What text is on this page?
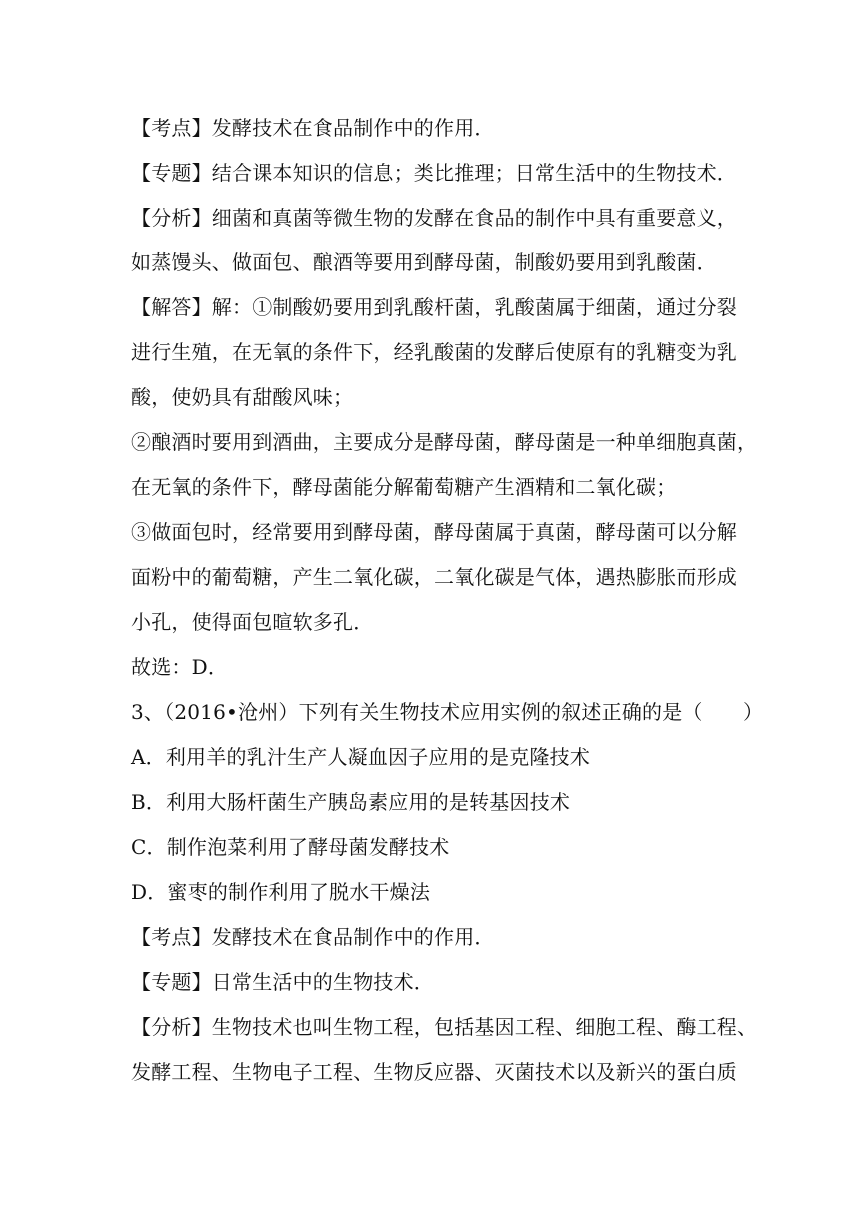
【考点】发酵技术在食品制作中的作用．
【专题】结合课本知识的信息；类比推理；日常生活中的生物技术．
【分析】细菌和真菌等微生物的发酵在食品的制作中具有重要意义，
如蒸馒头、做面包、酿酒等要用到酵母菌，制酸奶要用到乳酸菌．
【解答】解：①制酸奶要用到乳酸杆菌，乳酸菌属于细菌，通过分裂
进行生殖，在无氧的条件下，经乳酸菌的发酵后使原有的乳糖变为乳
酸，使奶具有甜酸风味；
②酿酒时要用到酒曲，主要成分是酵母菌，酵母菌是一种单细胞真菌，
在无氧的条件下，酵母菌能分解葡萄糖产生酒精和二氧化碳；
③做面包时，经常要用到酵母菌，酵母菌属于真菌，酵母菌可以分解
面粉中的葡萄糖，产生二氧化碳，二氧化碳是气体，遇热膨胀而形成
小孔，使得面包暄软多孔．
故选：D．
3、（2016•沧州）下列有关生物技术应用实例的叙述正确的是（　　）
A．利用羊的乳汁生产人凝血因子应用的是克隆技术
B．利用大肠杆菌生产胰岛素应用的是转基因技术
C．制作泡菜利用了酵母菌发酵技术
D．蜜枣的制作利用了脱水干燥法
【考点】发酵技术在食品制作中的作用．
【专题】日常生活中的生物技术．
【分析】生物技术也叫生物工程，包括基因工程、细胞工程、酶工程、
发酵工程、生物电子工程、生物反应器、灭菌技术以及新兴的蛋白质
